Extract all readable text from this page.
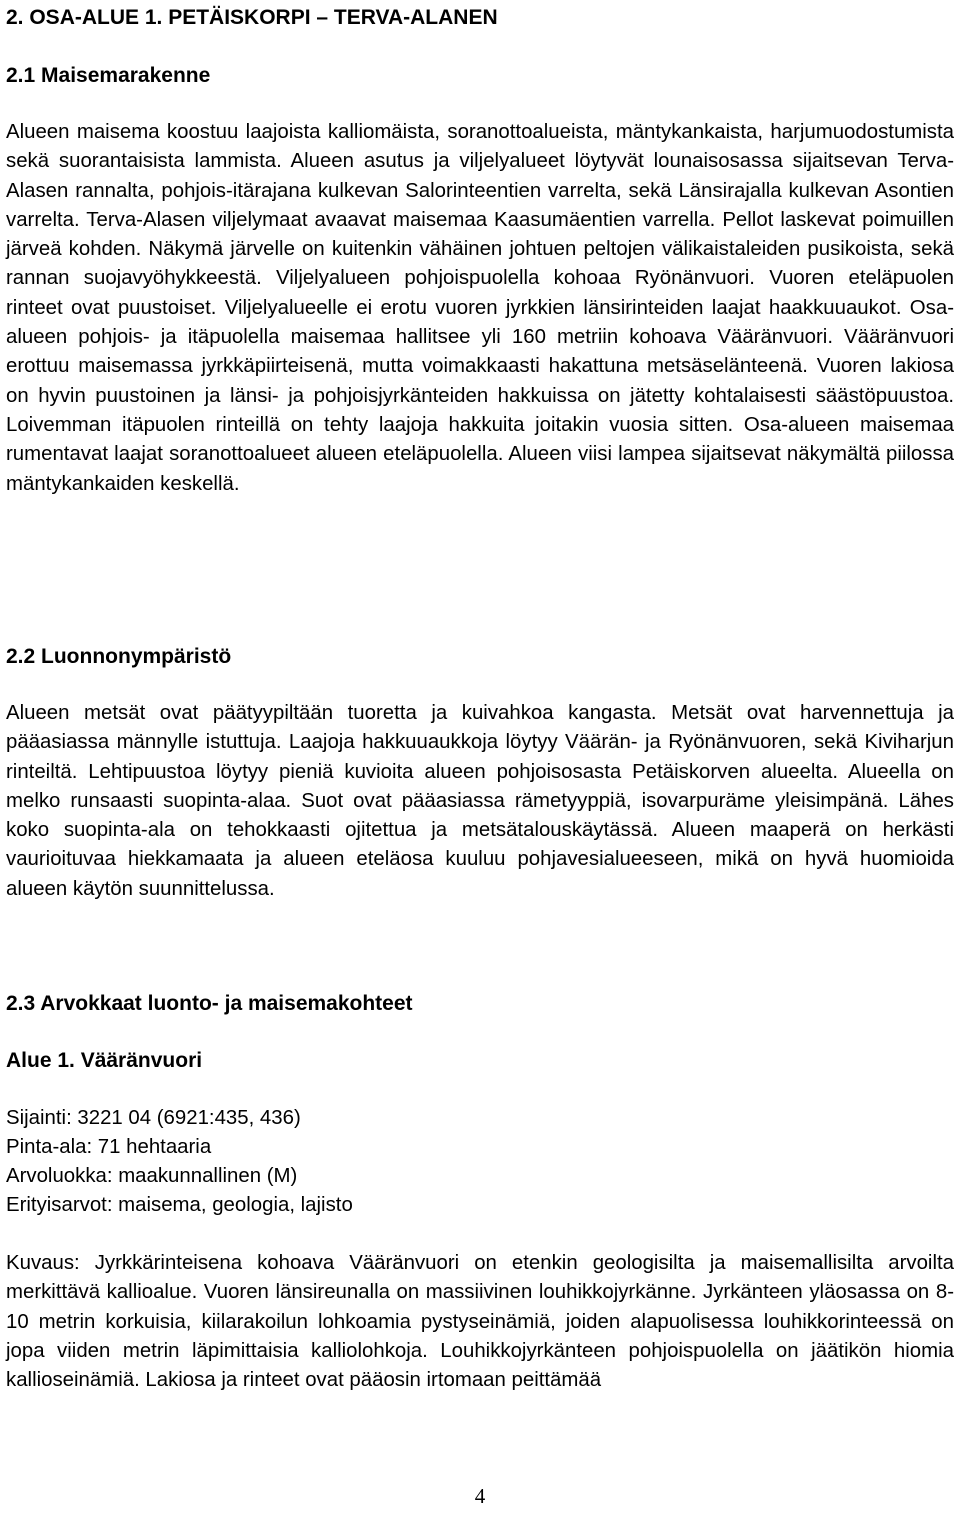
2. OSA-ALUE 1. PETÄISKORPI – TERVA-ALANEN
2.1 Maisemarakenne

Alueen maisema koostuu laajoista kalliomäista, soranottoalueista, mäntykankaista, harjumuodostumista sekä suorantaisista lammista. Alueen asutus ja viljelyalueet löytyvät lounaisosassa sijaitsevan Terva-Alasen rannalta, pohjois-itärajana kulkevan Salorinteentien varrelta, sekä Länsirajalla kulkevan Asontien varrelta. Terva-Alasen viljelymaat avaavat maisemaa Kaasumäentien varrella. Pellot laskevat poimuillen järveä kohden. Näkymä järvelle on kuitenkin vähäinen johtuen peltojen välikaistaleiden pusikoista, sekä rannan suojavyöhykkeestä. Viljelyalueen pohjoispuolella kohoaa Ryönänvuori. Vuoren eteläpuolen rinteet ovat puustoiset. Viljelyalueelle ei erotu vuoren jyrkkien länsirinteiden laajat haakkuuaukot. Osa-alueen pohjois- ja itäpuolella maisemaa hallitsee yli 160 metriin kohoava Vääränvuori. Vääränvuori erottuu maisemassa jyrkkäpiirteisenä, mutta voimakkaasti hakattuna metsäselänteenä. Vuoren lakiosa on hyvin puustoinen ja länsi- ja pohjoisjyrkänteiden hakkuissa on jätetty kohtalaisesti säästöpuustoa. Loivemman itäpuolen rinteillä on tehty laajoja hakkuita joitakin vuosia sitten. Osa-alueen maisemaa rumentavat laajat soranottoalueet alueen eteläpuolella. Alueen viisi lampea sijaitsevat näkymältä piilossa mäntykankaiden keskellä.

2.2 Luonnonympäristö

Alueen metsät ovat päätyypiltään tuoretta ja kuivahkoa kangasta. Metsät ovat harvennettuja ja pääasiassa männylle istuttuja. Laajoja hakkuuaukkoja löytyy Väärän- ja Ryönänvuoren, sekä Kiviharjun rinteiltä. Lehtipuustoa löytyy pieniä kuvioita alueen pohjoisosasta Petäiskorven alueelta. Alueella on melko runsaasti suopinta-alaa. Suot ovat pääasiassa rämetyyppiä, isovarpuräme yleisimpänä. Lähes koko suopinta-ala on tehokkaasti ojitettua ja metsätalouskäytässä. Alueen maaperä on herkästi vaurioituvaa hiekkamaata ja alueen eteläosa kuuluu pohjavesialueeseen, mikä on hyvä huomioida alueen käytön suunnittelussa.

2.3 Arvokkaat luonto- ja maisemakohteet
Alue 1. Vääränvuori
Sijainti: 3221 04 (6921:435, 436)
Pinta-ala: 71 hehtaaria
Arvoluokka: maakunnallinen (M)
Erityisarvot: maisema, geologia, lajisto

Kuvaus: Jyrkkärinteisena kohoava Vääränvuori on etenkin geologisilta ja maisemallisilta arvoilta merkittävä kallioalue. Vuoren länsireunalla on massiivinen louhikkojyrkänne. Jyrkänteen yläosassa on 8-10 metrin korkuisia, kiilarakoilun lohkoamia pystyseinämiä, joiden alapuolisessa louhikkorinteessä on jopa viiden metrin läpimittaisia kalliolohkoja. Louhikkojyrkänteen pohjoispuolella on jäätikön hiomia kallioseinämiä. Lakiosa ja rinteet ovat pääosin irtomaan peittämää

4
